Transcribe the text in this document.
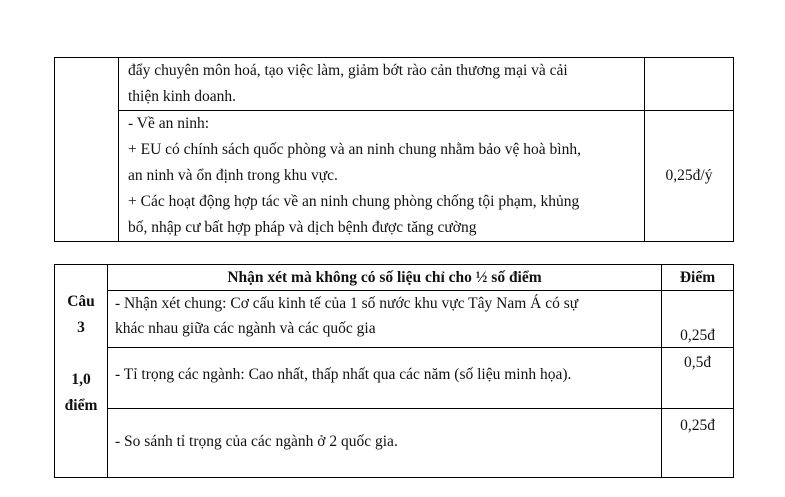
	đẩy chuyên môn hoá, tạo việc làm, giảm bớt rào cản thương mại và cải
thiện kinh doanh.	

	- Về an ninh:
+ EU có chính sách quốc phòng và an ninh chung nhằm bảo vệ hoà bình,
an ninh và ổn định trong khu vực.
+ Các hoạt động hợp tác về an ninh chung phòng chống tội phạm, khủng
bố, nhập cư bất hợp pháp và dịch bệnh được tăng cường	0,25đ/ý
Câu
3
1,0
điểm	Nhận xét mà không có số liệu chỉ cho ½ số điểm	Điểm

	- Nhận xét chung: Cơ cấu kinh tế của 1 số nước khu vực Tây Nam Á có sự
khác nhau giữa các ngành và các quốc gia	0,25đ

	- Tỉ trọng các ngành: Cao nhất, thấp nhất qua các năm (số liệu minh họa).	0,5đ

	- So sánh tỉ trọng của các ngành ở 2 quốc gia.	0,25đ
